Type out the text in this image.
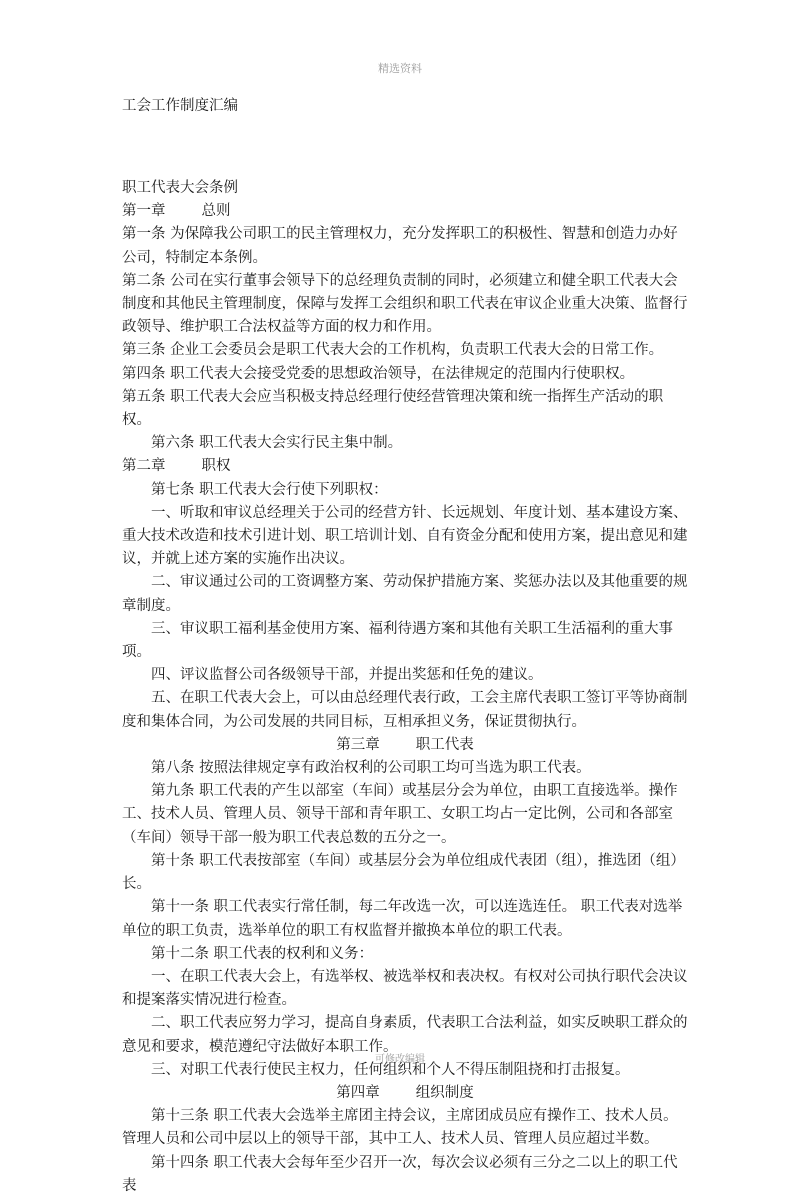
精选资料
工会工作制度汇编

职工代表大会条例

第一章 总则

第一条 为保障我公司职工的民主管理权力，充分发挥职工的积极性、智慧和创造力办好公司，特制定本条例。

第二条 公司在实行董事会领导下的总经理负责制的同时，必须建立和健全职工代表大会制度和其他民主管理制度，保障与发挥工会组织和职工代表在审议企业重大决策、监督行政领导、维护职工合法权益等方面的权力和作用。

第三条 企业工会委员会是职工代表大会的工作机构，负责职工代表大会的日常工作。

第四条 职工代表大会接受党委的思想政治领导，在法律规定的范围内行使职权。

第五条 职工代表大会应当积极支持总经理行使经营管理决策和统一指挥生产活动的职权。

第六条 职工代表大会实行民主集中制。

第二章 职权

第七条 职工代表大会行使下列职权：

一、听取和审议总经理关于公司的经营方针、长远规划、年度计划、基本建设方案、重大技术改造和技术引进计划、职工培训计划、自有资金分配和使用方案，提出意见和建议，并就上述方案的实施作出决议。

二、审议通过公司的工资调整方案、劳动保护措施方案、奖惩办法以及其他重要的规章制度。

三、审议职工福利基金使用方案、福利待遇方案和其他有关职工生活福利的重大事项。

四、评议监督公司各级领导干部，并提出奖惩和任免的建议。

五、在职工代表大会上，可以由总经理代表行政，工会主席代表职工签订平等协商制度和集体合同，为公司发展的共同目标，互相承担义务，保证贯彻执行。

第三章 职工代表

第八条 按照法律规定享有政治权利的公司职工均可当选为职工代表。

第九条 职工代表的产生以部室（车间）或基层分会为单位，由职工直接选举。操作工、技术人员、管理人员、领导干部和青年职工、女职工均占一定比例，公司和各部室（车间）领导干部一般为职工代表总数的五分之一。

第十条 职工代表按部室（车间）或基层分会为单位组成代表团（组），推选团（组）长。

第十一条 职工代表实行常任制，每二年改选一次，可以连选连任。 职工代表对选举单位的职工负责，选举单位的职工有权监督并撤换本单位的职工代表。

第十二条 职工代表的权利和义务：

一、在职工代表大会上，有选举权、被选举权和表决权。有权对公司执行职代会决议和提案落实情况进行检查。

二、职工代表应努力学习，提高自身素质，代表职工合法利益，如实反映职工群众的意见和要求，模范遵纪守法做好本职工作。

三、对职工代表行使民主权力，任何组织和个人不得压制阻挠和打击报复。

第四章 组织制度

第十三条 职工代表大会选举主席团主持会议，主席团成员应有操作工、技术人员。管理人员和公司中层以上的领导干部，其中工人、技术人员、管理人员应超过半数。

第十四条 职工代表大会每年至少召开一次，每次会议必须有三分之二以上的职工代表

可修改编辑
